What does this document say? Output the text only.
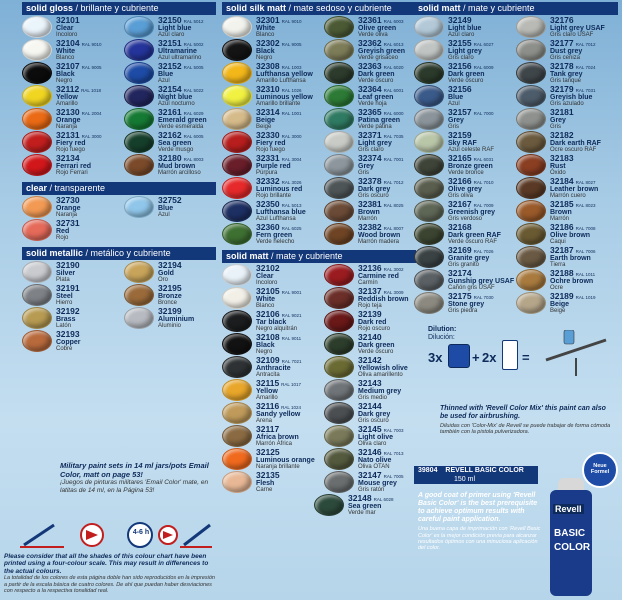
solid gloss / brillante y cubriente
32101
Clear
Incoloro
32150 RAL 5012
Light blue
Azul claro
32104 RAL 9010
White
Blanco
32151 RAL 5002
Ultramarine
Azul ultramarino
32107 RAL 9005
Black
Negro
32152 RAL 5005
Blue
Azul
32112 RAL 1018
Yellow
Amarillo
32154 RAL 5022
Night blue
Azul nocturno
32130 RAL 2004
Orange
Naranja
32161 RAL 6029
Emerald green
Verde esmeralda
32131 RAL 3000
Fiery red
Rojo fuego
32162 RAL 6005
Sea green
Verde musgo
32134
Ferrari red
Rojo Ferrari
32180 RAL 8003
Mud brown
Marrón arcilloso
clear / transparente
32730
Orange
Naranja
32752
Blue
Azul
32731
Red
Rojo
solid metallic / metálico y cubriente
32190
Silver
Plata
32194
Gold
Oro
32191
Steel
Hierro
32195
Bronze
Bronce
32192
Brass
Latón
32199
Aluminium
Aluminio
32193
Copper
Cobre
Military paint sets in 14 ml jars/pots Email Color, matt on page 53!
¡Juegos de pinturas militares 'Email Color' mate, en latitas de 14 ml, en la Página 53!
4-6 h
Please consider that all the shades of this colour chart have been printed using a four-colour scale. This may result in differences to the actual colours.
La totalidad de los colores de esta página doble han sido reproducidos en la impresión a partir de la escala básica de cuatro colores. De ahí que puedan haber desviaciones con respecto a la respectiva tonalidad real.
solid silk matt / mate sedoso y cubriente
32301 RAL 9010
White
Blanco
32361 RAL 6003
Olive green
Verde oliva
32302 RAL 9005
Black
Negro
32362 RAL 6013
Greyish green
Verde grisáceo
32308 RAL 1003
Lufthansa yellow
Amarillo Lufthansa
32363 RAL 6020
Dark green
Verde oscuro
32310 RAL 1026
Luminous yellow
Amarillo brillante
32364 RAL 6001
Leaf green
Verde hoja
32314 RAL 1001
Beige
Beige
32365 RAL 6000
Patina green
Verde pátina
32330 RAL 3000
Fiery red
Rojo fuego
32371 RAL 7035
Light grey
Gris claro
32331 RAL 3004
Purple red
Púrpura
32374 RAL 7001
Grey
Gris
32332 RAL 3026
Luminous red
Rojo brillante
32378 RAL 7012
Dark grey
Gris oscuro
32350 RAL 5013
Lufthansa blue
Azul Lufthansa
32381 RAL 8025
Brown
Marrón
32360 RAL 6025
Fern green
Verde helecho
32382 RAL 8007
Wood brown
Marrón madera
solid matt / mate y cubriente
32102
Clear
Incoloro
32136 RAL 3002
Carmine red
Carmín
32105 RAL 9001
White
Blanco
32137 RAL 3009
Reddish brown
Rojo teja
32106 RAL 9021
Tar black
Negro alquitrán
32139
Dark red
Rojo oscuro
32108 RAL 9011
Black
Negro
32140
Dark green
Verde oscuro
32109 RAL 7021
Anthracite
Antracita
32142
Yellowish olive
Oliva amarillento
32115 RAL 1017
Yellow
Amarillo
32143
Medium grey
Gris medio
32116 RAL 1024
Sandy yellow
Arena
32144
Dark grey
Gris oscuro
32117
Africa brown
Marrón África
32145 RAL 7003
Light olive
Oliva claro
32125
Luminous orange
Naranja brillante
32146 RAL 7013
Nato olive
Oliva OTAN
32135
Flesh
Carne
32147 RAL 7005
Mouse grey
Gris ratón
32148 RAL 6028
Sea green
Verde mar
solid matt / mate y cubriente
32149
Light blue
Azul claro
32176
Light grey USAF
Gris claro USAF
32155 RAL 6027
Light grey
Gris claro
32177 RAL 7012
Dust grey
Gris ceniza
32156 RAL 6009
Dark green
Verde oscuro
32178 RAL 7024
Tank grey
Gris tanque
32156
Blue
Azul
32179 RAL 7031
Greyish blue
Gris azulado
32157 RAL 7000
Grey
Gris
32181
Grey
Gris
32159
Sky RAF
Azul celeste RAF
32182
Dark earth RAF
Ocre oscuro RAF
32165 RAL 6031
Bronze green
Verde bronce
32183
Rust
Óxido
32166 RAL 7010
Olive grey
Gris oliva
32184 RAL 8027
Leather brown
Marrón cuero
32167 RAL 7009
Greenish grey
Gris verdoso
32185 RAL 8023
Brown
Marrón
32168
Dark green RAF
Verde oscuro RAF
32186 RAL 7008
Olive brown
Caqui
32169 RAL 7026
Granite grey
Gris granito
32187 RAL 7006
Earth brown
Tierra
32174
Gunship grey USAF
Cañón gris USAF
32188 RAL 1011
Ochre brown
Ocre
32175 RAL 7030
Stone grey
Gris piedra
32189 RAL 1019
Beige
Beige
Dilution:
Dilución:
3x + 2x =
Thinned with 'Revell Color Mix' this paint can also be used for airbrushing.
Diluidas con 'Color-Mix' de Revell se puede trabajar de forma cómoda también con la pistola pulverizadora.
39804 REVELL BASIC COLOR
150 ml
A good coat of primer using 'Revell Basic Color' is the best prerequisite to achieve optimum results with careful paint application.
Una buena capa de imprimación con 'Revell Basic Color' es la mejor condición previa para alcanzar resultados óptimos con una minuciosa aplicación del color.
Revell
BASIC
COLOR
Neue Formel
